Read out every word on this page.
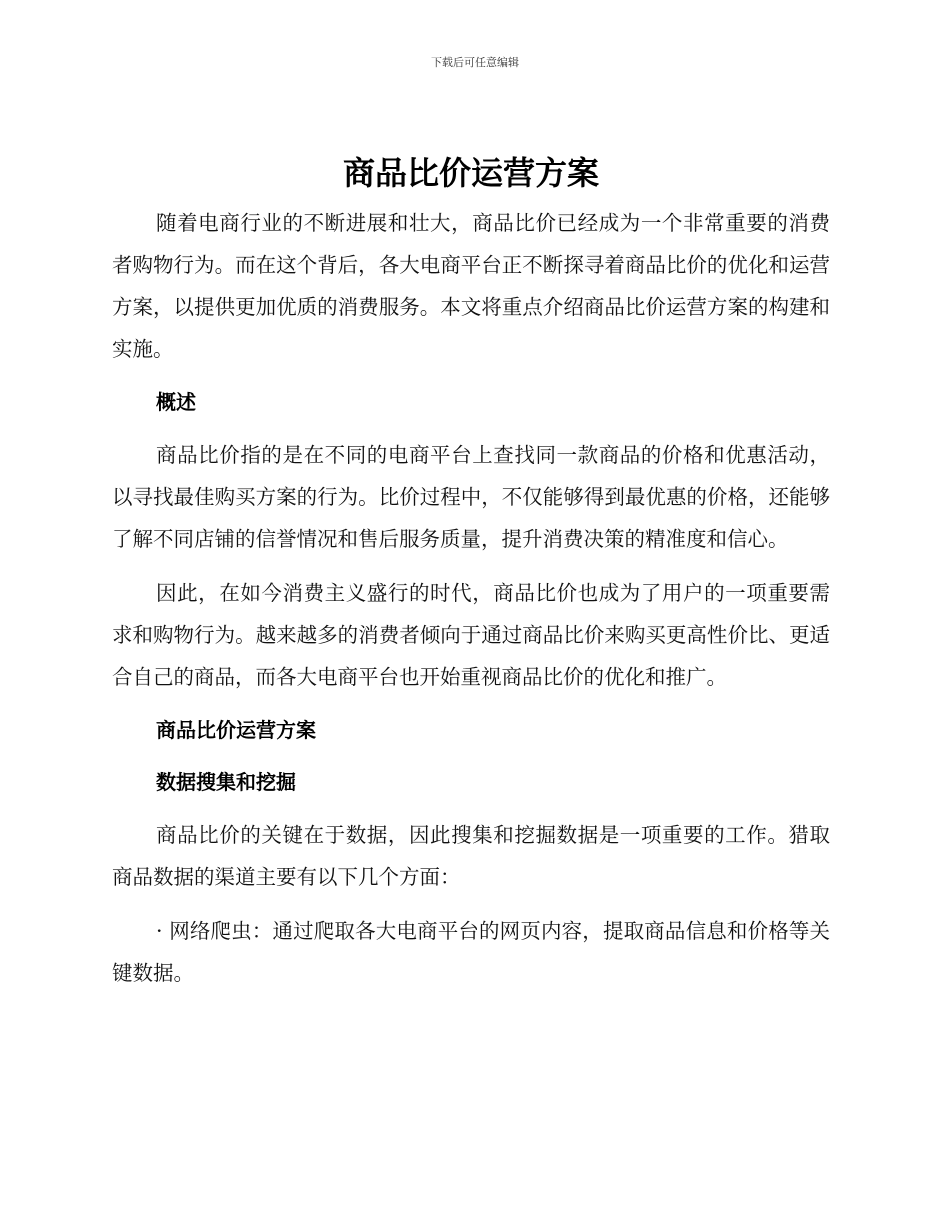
下载后可任意编辑
商品比价运营方案

随着电商行业的不断进展和壮大，商品比价已经成为一个非常重要的消费者购物行为。而在这个背后，各大电商平台正不断探寻着商品比价的优化和运营方案，以提供更加优质的消费服务。本文将重点介绍商品比价运营方案的构建和实施。

概述

商品比价指的是在不同的电商平台上查找同一款商品的价格和优惠活动，以寻找最佳购买方案的行为。比价过程中，不仅能够得到最优惠的价格，还能够了解不同店铺的信誉情况和售后服务质量，提升消费决策的精准度和信心。

因此，在如今消费主义盛行的时代，商品比价也成为了用户的一项重要需求和购物行为。越来越多的消费者倾向于通过商品比价来购买更高性价比、更适合自己的商品，而各大电商平台也开始重视商品比价的优化和推广。

商品比价运营方案
数据搜集和挖掘

商品比价的关键在于数据，因此搜集和挖掘数据是一项重要的工作。猎取商品数据的渠道主要有以下几个方面：

· 网络爬虫：通过爬取各大电商平台的网页内容，提取商品信息和价格等关键数据。
